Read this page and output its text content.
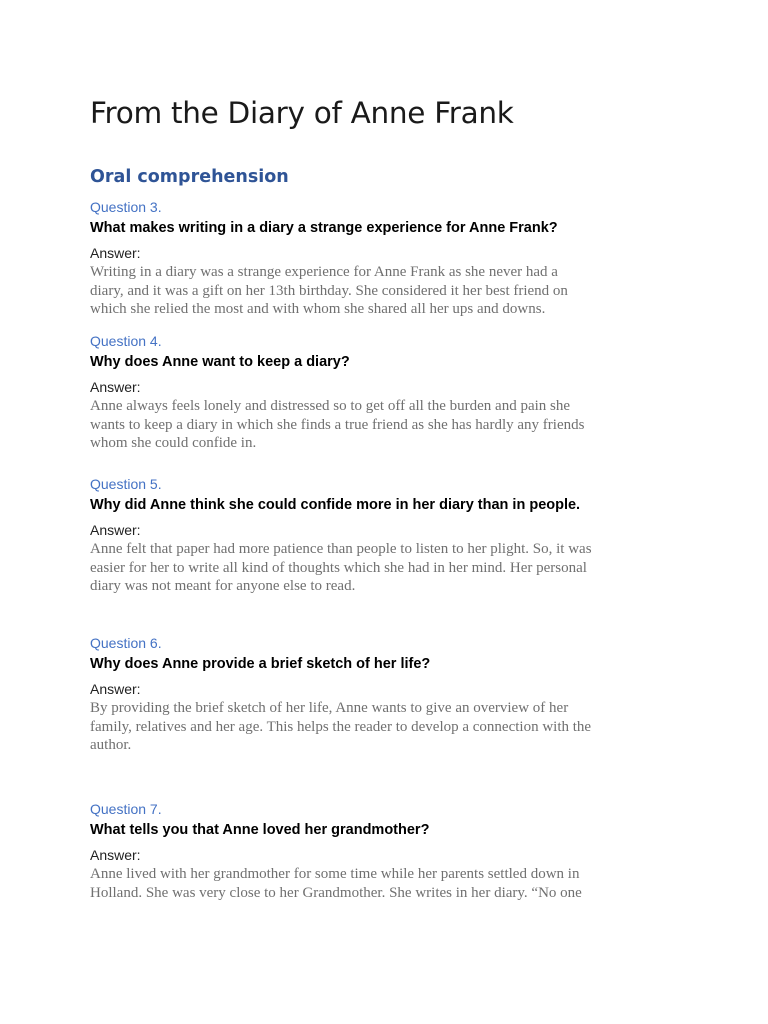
From the Diary of Anne Frank
Oral comprehension

Question 3.

What makes writing in a diary a strange experience for Anne Frank?

Answer:

Writing in a diary was a strange experience for Anne Frank as she never had a
diary, and it was a gift on her 13th birthday. She considered it her best friend on
which she relied the most and with whom she shared all her ups and downs.

Question 4.

Why does Anne want to keep a diary?

Answer:

Anne always feels lonely and distressed so to get off all the burden and pain she
wants to keep a diary in which she finds a true friend as she has hardly any friends
whom she could confide in.

Question 5.

Why did Anne think she could confide more in her diary than in people.

Answer:

Anne felt that paper had more patience than people to listen to her plight. So, it was
easier for her to write all kind of thoughts which she had in her mind. Her personal
diary was not meant for anyone else to read.

Question 6.

Why does Anne provide a brief sketch of her life?

Answer:

By providing the brief sketch of her life, Anne wants to give an overview of her
family, relatives and her age. This helps the reader to develop a connection with the
author.

Question 7.

What tells you that Anne loved her grandmother?

Answer:

Anne lived with her grandmother for some time while her parents settled down in
Holland. She was very close to her Grandmother. She writes in her diary. “No one
